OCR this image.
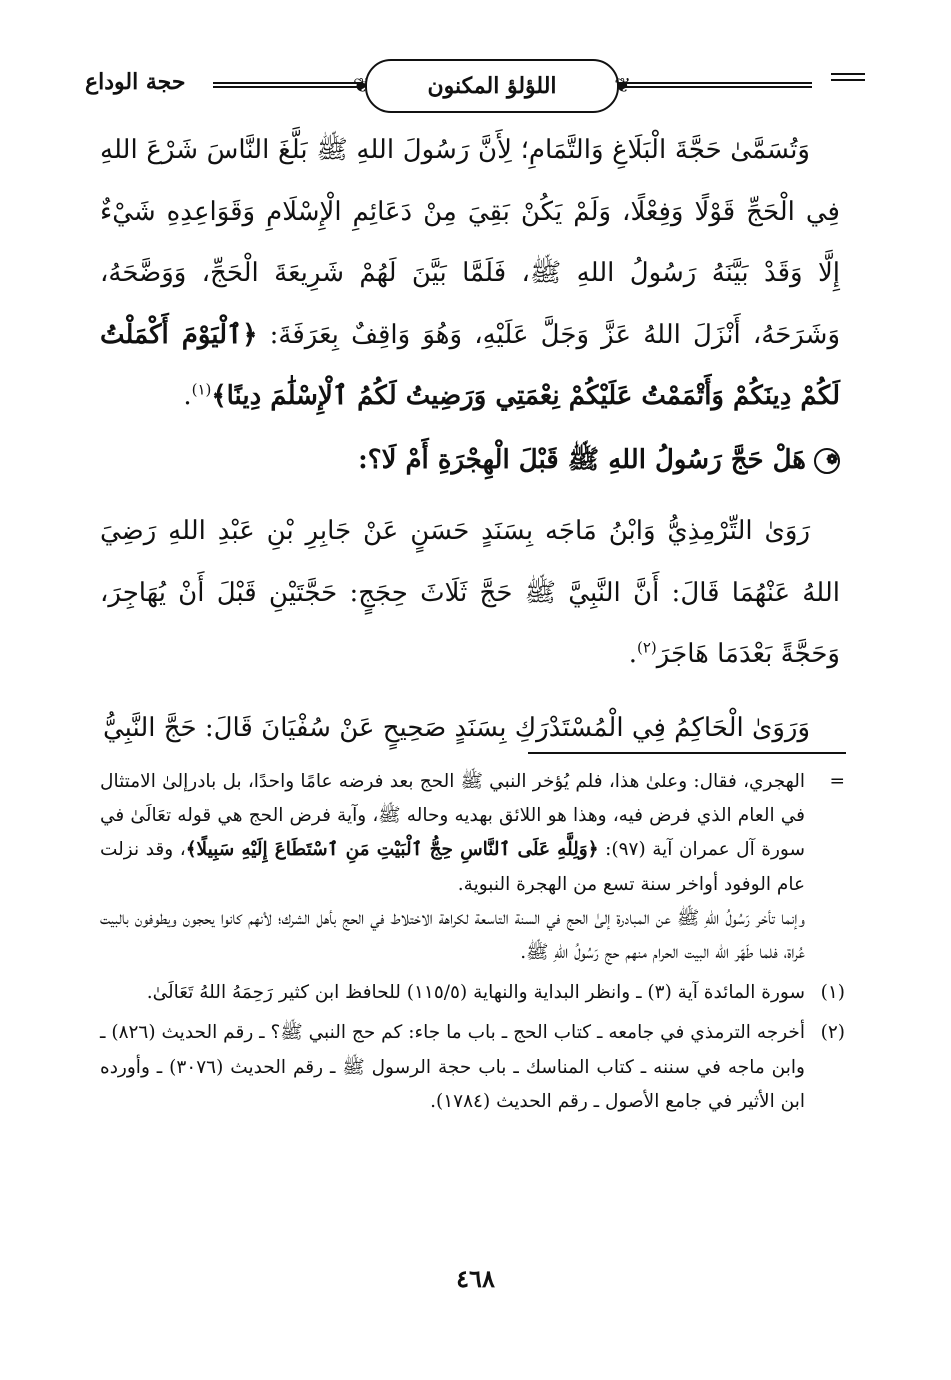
❦
اللؤلؤ المكنون
❦
حجة الوداع

وَتُسَمَّىٰ حَجَّةَ الْبَلَاغِ وَالتَّمَامِ؛ لِأَنَّ رَسُولَ اللهِ ﷺ بَلَّغَ النَّاسَ شَرْعَ اللهِ فِي الْحَجِّ قَوْلًا وَفِعْلًا، وَلَمْ يَكُنْ بَقِيَ مِنْ دَعَائِمِ الْإِسْلَامِ وَقَوَاعِدِهِ شَيْءٌ إِلَّا وَقَدْ بَيَّنَهُ رَسُولُ اللهِ ﷺ، فَلَمَّا بَيَّنَ لَهُمْ شَرِيعَةَ الْحَجِّ، وَوَضَّحَهُ، وَشَرَحَهُ، أَنْزَلَ اللهُ عَزَّ وَجَلَّ عَلَيْهِ، وَهُوَ وَاقِفٌ بِعَرَفَةَ: ﴿ٱلْيَوْمَ أَكْمَلْتُ لَكُمْ دِينَكُمْ وَأَتْمَمْتُ عَلَيْكُمْ نِعْمَتِي وَرَضِيتُ لَكُمُ ٱلْإِسْلَٰمَ دِينًا﴾$^{(١)}$.

❁هَلْ حَجَّ رَسُولُ اللهِ ﷺ قَبْلَ الْهِجْرَةِ أَمْ لَا؟:

رَوَىٰ التِّرْمِذِيُّ وَابْنُ مَاجَه بِسَنَدٍ حَسَنٍ عَنْ جَابِرِ بْنِ عَبْدِ اللهِ رَضِيَ اللهُ عَنْهُمَا قَالَ: أَنَّ النَّبِيَّ ﷺ حَجَّ ثَلَاثَ حِجَجٍ: حَجَّتَيْنِ قَبْلَ أَنْ يُهَاجِرَ، وَحَجَّةً بَعْدَمَا هَاجَرَ$^{(٢)}$.

وَرَوَىٰ الْحَاكِمُ فِي الْمُسْتَدْرَكِ بِسَنَدٍ صَحِيحٍ عَنْ سُفْيَانَ قَالَ: حَجَّ النَّبِيُّ

=
الهجري، فقال: وعلىٰ هذا، فلم يُؤخر النبي ﷺ الحج بعد فرضه عامًا واحدًا، بل بادرإلىٰ الامتثال في العام الذي فرض فيه، وهذا هو اللائق بهديه وحاله ﷺ، وآية فرض الحج هي قوله تعَالَىٰ في سورة آل عمران آية (٩٧): ﴿وَلِلَّهِ عَلَى ٱلنَّاسِ حِجُّ ٱلْبَيْتِ مَنِ ٱسْتَطَاعَ إِلَيْهِ سَبِيلًا﴾، وقد نزلت عام الوفود أواخر سنة تسع من الهجرة النبوية.

وإنما تأخر رَسُولُ اللهِ ﷺ عن المبادرة إلىٰ الحج في السنة التاسعة لكراهة الاختلاط في الحج بأهل الشرك؛ لأنهم كانوا يحجون ويطوفون بالبيت عُراة، فلما طَهّر الله البيت الحرام منهم حج رَسُولُ اللهِ ﷺ.

(١)
سورة المائدة آية (٣) ـ وانظر البداية والنهاية (١١٥/٥) للحافظ ابن كثير رَحِمَهُ اللهُ تَعَالَىٰ.

(٢)
أخرجه الترمذي في جامعه ـ كتاب الحج ـ باب ما جاء: كم حج النبي ﷺ؟ ـ رقم الحديث (٨٢٦) ـ وابن ماجه في سننه ـ كتاب المناسك ـ باب حجة الرسول ﷺ ـ رقم الحديث (٣٠٧٦) ـ وأورده ابن الأثير في جامع الأصول ـ رقم الحديث (١٧٨٤).

٤٦٨
